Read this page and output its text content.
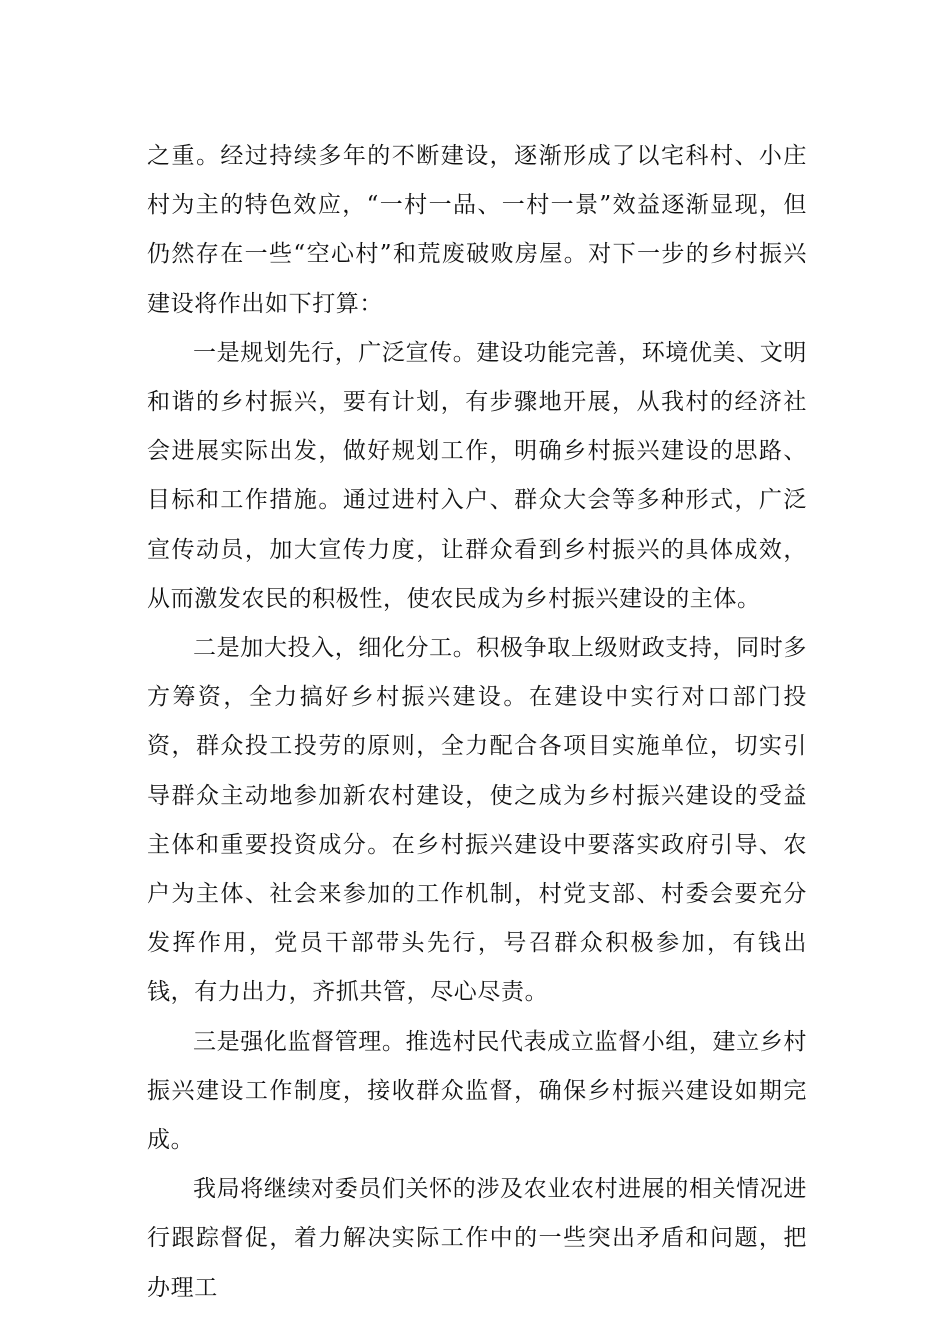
之重。经过持续多年的不断建设，逐渐形成了以宅科村、小庄村为主的特色效应，“一村一品、一村一景”效益逐渐显现，但仍然存在一些“空心村”和荒废破败房屋。对下一步的乡村振兴建设将作出如下打算：

一是规划先行，广泛宣传。建设功能完善，环境优美、文明和谐的乡村振兴，要有计划，有步骤地开展，从我村的经济社会进展实际出发，做好规划工作，明确乡村振兴建设的思路、目标和工作措施。通过进村入户、群众大会等多种形式，广泛宣传动员，加大宣传力度，让群众看到乡村振兴的具体成效，从而激发农民的积极性，使农民成为乡村振兴建设的主体。

二是加大投入，细化分工。积极争取上级财政支持，同时多方筹资，全力搞好乡村振兴建设。在建设中实行对口部门投资，群众投工投劳的原则，全力配合各项目实施单位，切实引导群众主动地参加新农村建设，使之成为乡村振兴建设的受益主体和重要投资成分。在乡村振兴建设中要落实政府引导、农户为主体、社会来参加的工作机制，村党支部、村委会要充分发挥作用，党员干部带头先行，号召群众积极参加，有钱出钱，有力出力，齐抓共管，尽心尽责。

三是强化监督管理。推选村民代表成立监督小组，建立乡村振兴建设工作制度，接收群众监督，确保乡村振兴建设如期完成。

我局将继续对委员们关怀的涉及农业农村进展的相关情况进行跟踪督促，着力解决实际工作中的一些突出矛盾和问题，把办理工
